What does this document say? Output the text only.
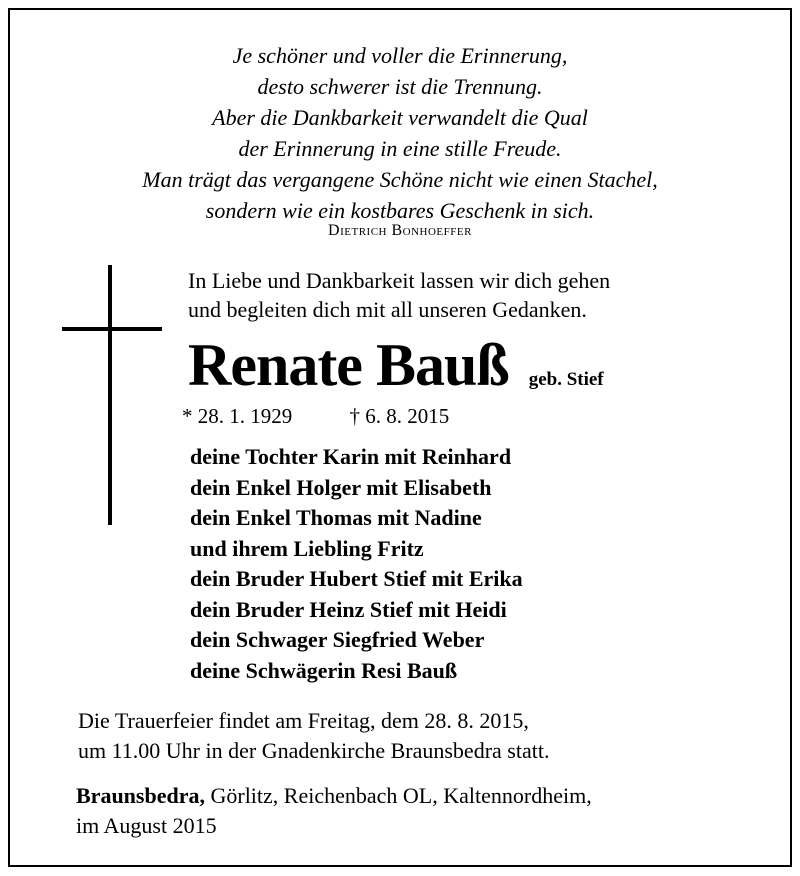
Je schöner und voller die Erinnerung,
desto schwerer ist die Trennung.
Aber die Dankbarkeit verwandelt die Qual
der Erinnerung in eine stille Freude.
Man trägt das vergangene Schöne nicht wie einen Stachel,
sondern wie ein kostbares Geschenk in sich.
Dietrich Bonhoeffer
In Liebe und Dankbarkeit lassen wir dich gehen
und begleiten dich mit all unseren Gedanken.
Renate Bauß geb. Stief
* 28. 1. 1929	† 6. 8. 2015
deine Tochter Karin mit Reinhard
dein Enkel Holger mit Elisabeth
dein Enkel Thomas mit Nadine
und ihrem Liebling Fritz
dein Bruder Hubert Stief mit Erika
dein Bruder Heinz Stief mit Heidi
dein Schwager Siegfried Weber
deine Schwägerin Resi Bauß
Die Trauerfeier findet am Freitag, dem 28. 8. 2015,
um 11.00 Uhr in der Gnadenkirche Braunsbedra statt.
Braunsbedra, Görlitz, Reichenbach OL, Kaltennordheim,
im August 2015
